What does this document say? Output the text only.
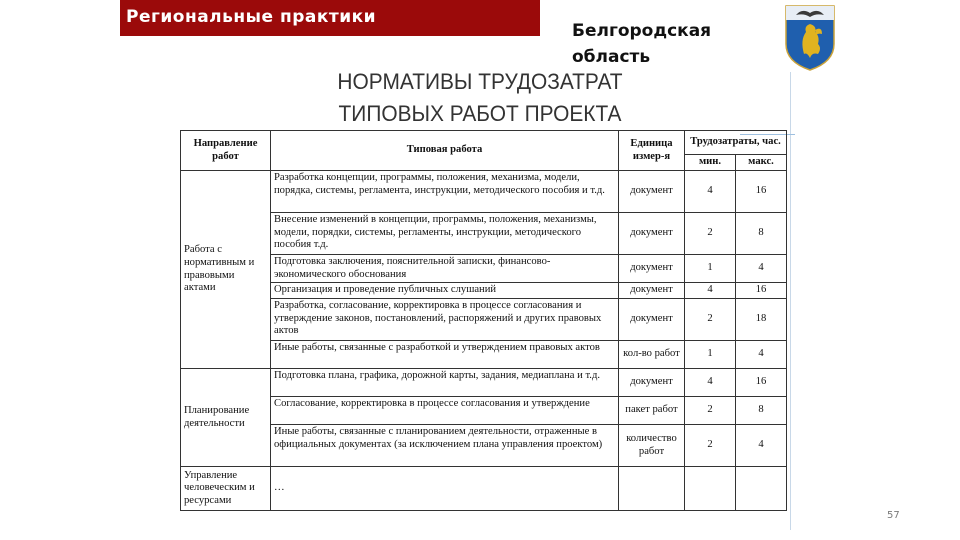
Региональные практики
Белгородская область
НОРМАТИВЫ ТРУДОЗАТРАТ
ТИПОВЫХ РАБОТ ПРОЕКТА
Направление работ	Типовая работа	Единица измер-я	Трудозатраты, час.	
			мин.	макс.
Работа с нормативным и правовыми актами	Разработка концепции, программы, положения, механизма, модели, порядка, системы, регламента, инструкции, методического пособия и т.д.	документ	4	16
	Внесение изменений в концепции, программы, положения, механизмы, модели, порядки, системы, регламенты, инструкции, методического пособия т.д.	документ	2	8
	Подготовка заключения, пояснительной записки, финансово-экономического обоснования	документ	1	4
	Организация и проведение публичных слушаний	документ	4	16
	Разработка, согласование, корректировка в процессе согласования и утверждение законов, постановлений, распоряжений и других правовых актов	документ	2	18
	Иные работы, связанные с разработкой и утверждением правовых актов	кол-во работ	1	4
Планирование деятельности	Подготовка плана, графика, дорожной карты, задания, медиаплана и т.д.	документ	4	16
	Согласование, корректировка в процессе согласования и утверждение	пакет работ	2	8
	Иные работы, связанные с планированием деятельности, отраженные в официальных документах (за исключением плана управления проектом)	количество работ	2	4
Управление человеческим и ресурсами	…			
57
